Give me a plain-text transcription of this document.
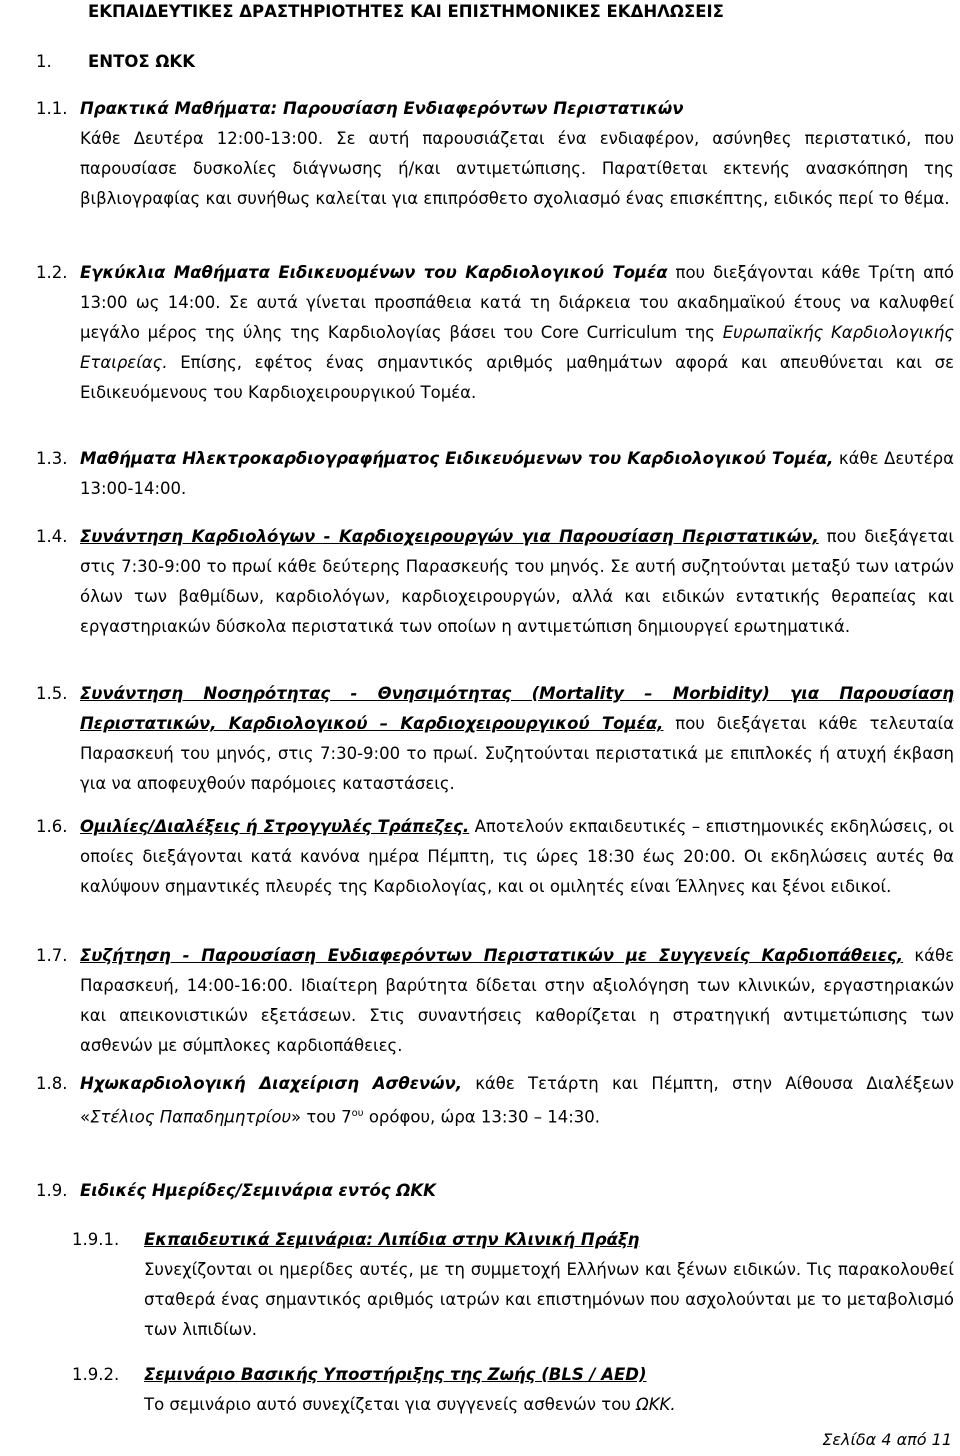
ΕΚΠΑΙΔΕΥΤΙΚΕΣ ΔΡΑΣΤΗΡΙΟΤΗΤΕΣ ΚΑΙ ΕΠΙΣΤΗΜΟΝΙΚΕΣ ΕΚΔΗΛΩΣΕΙΣ
1. ΕΝΤΟΣ ΩΚΚ
1.1. Πρακτικά Μαθήματα: Παρουσίαση Ενδιαφερόντων Περιστατικών
Κάθε Δευτέρα 12:00-13:00. Σε αυτή παρουσιάζεται ένα ενδιαφέρον, ασύνηθες περιστατικό, που παρουσίασε δυσκολίες διάγνωσης ή/και αντιμετώπισης. Παρατίθεται εκτενής ανασκόπηση της βιβλιογραφίας και συνήθως καλείται για επιπρόσθετο σχολιασμό ένας επισκέπτης, ειδικός περί το θέμα.
1.2. Εγκύκλια Μαθήματα Ειδικευομένων του Καρδιολογικού Τομέα που διεξάγονται κάθε Τρίτη από 13:00 ως 14:00. Σε αυτά γίνεται προσπάθεια κατά τη διάρκεια του ακαδημαϊκού έτους να καλυφθεί μεγάλο μέρος της ύλης της Καρδιολογίας βάσει του Core Curriculum της Ευρωπαϊκής Καρδιολογικής Εταιρείας. Επίσης, εφέτος ένας σημαντικός αριθμός μαθημάτων αφορά και απευθύνεται και σε Ειδικευόμενους του Καρδιοχειρουργικού Τομέα.
1.3. Μαθήματα Ηλεκτροκαρδιογραφήματος Ειδικευόμενων του Καρδιολογικού Τομέα, κάθε Δευτέρα 13:00-14:00.
1.4. Συνάντηση Καρδιολόγων - Καρδιοχειρουργών για Παρουσίαση Περιστατικών, που διεξάγεται στις 7:30-9:00 το πρωί κάθε δεύτερης Παρασκευής του μηνός. Σε αυτή συζητούνται μεταξύ των ιατρών όλων των βαθμίδων, καρδιολόγων, καρδιοχειρουργών, αλλά και ειδικών εντατικής θεραπείας και εργαστηριακών δύσκολα περιστατικά των οποίων η αντιμετώπιση δημιουργεί ερωτηματικά.
1.5. Συνάντηση Νοσηρότητας - Θνησιμότητας (Mortality – Morbidity) για Παρουσίαση Περιστατικών, Καρδιολογικού – Καρδιοχειρουργικού Τομέα, που διεξάγεται κάθε τελευταία Παρασκευή του μηνός, στις 7:30-9:00 το πρωί. Συζητούνται περιστατικά με επιπλοκές ή ατυχή έκβαση για να αποφευχθούν παρόμοιες καταστάσεις.
1.6. Ομιλίες/Διαλέξεις ή Στρογγυλές Τράπεζες. Αποτελούν εκπαιδευτικές – επιστημονικές εκδηλώσεις, οι οποίες διεξάγονται κατά κανόνα ημέρα Πέμπτη, τις ώρες 18:30 έως 20:00. Οι εκδηλώσεις αυτές θα καλύψουν σημαντικές πλευρές της Καρδιολογίας, και οι ομιλητές είναι Έλληνες και ξένοι ειδικοί.
1.7. Συζήτηση - Παρουσίαση Ενδιαφερόντων Περιστατικών με Συγγενείς Καρδιοπάθειες, κάθε Παρασκευή, 14:00-16:00. Ιδιαίτερη βαρύτητα δίδεται στην αξιολόγηση των κλινικών, εργαστηριακών και απεικονιστικών εξετάσεων. Στις συναντήσεις καθορίζεται η στρατηγική αντιμετώπισης των ασθενών με σύμπλοκες καρδιοπάθειες.
1.8. Ηχωκαρδιολογική Διαχείριση Ασθενών, κάθε Τετάρτη και Πέμπτη, στην Αίθουσα Διαλέξεων «Στέλιος Παπαδημητρίου» του $7^{o\upsilon}$ ορόφου, ώρα 13:30 – 14:30.
1.9. Ειδικές Ημερίδες/Σεμινάρια εντός ΩΚΚ
1.9.1. Εκπαιδευτικά Σεμινάρια: Λιπίδια στην Κλινική Πράξη
Συνεχίζονται οι ημερίδες αυτές, με τη συμμετοχή Ελλήνων και ξένων ειδικών. Τις παρακολουθεί σταθερά ένας σημαντικός αριθμός ιατρών και επιστημόνων που ασχολούνται με το μεταβολισμό των λιπιδίων.
1.9.2. Σεμινάριο Βασικής Υποστήριξης της Ζωής (BLS / AED)
Το σεμινάριο αυτό συνεχίζεται για συγγενείς ασθενών του ΩΚΚ.
Σελίδα 4 από 11
